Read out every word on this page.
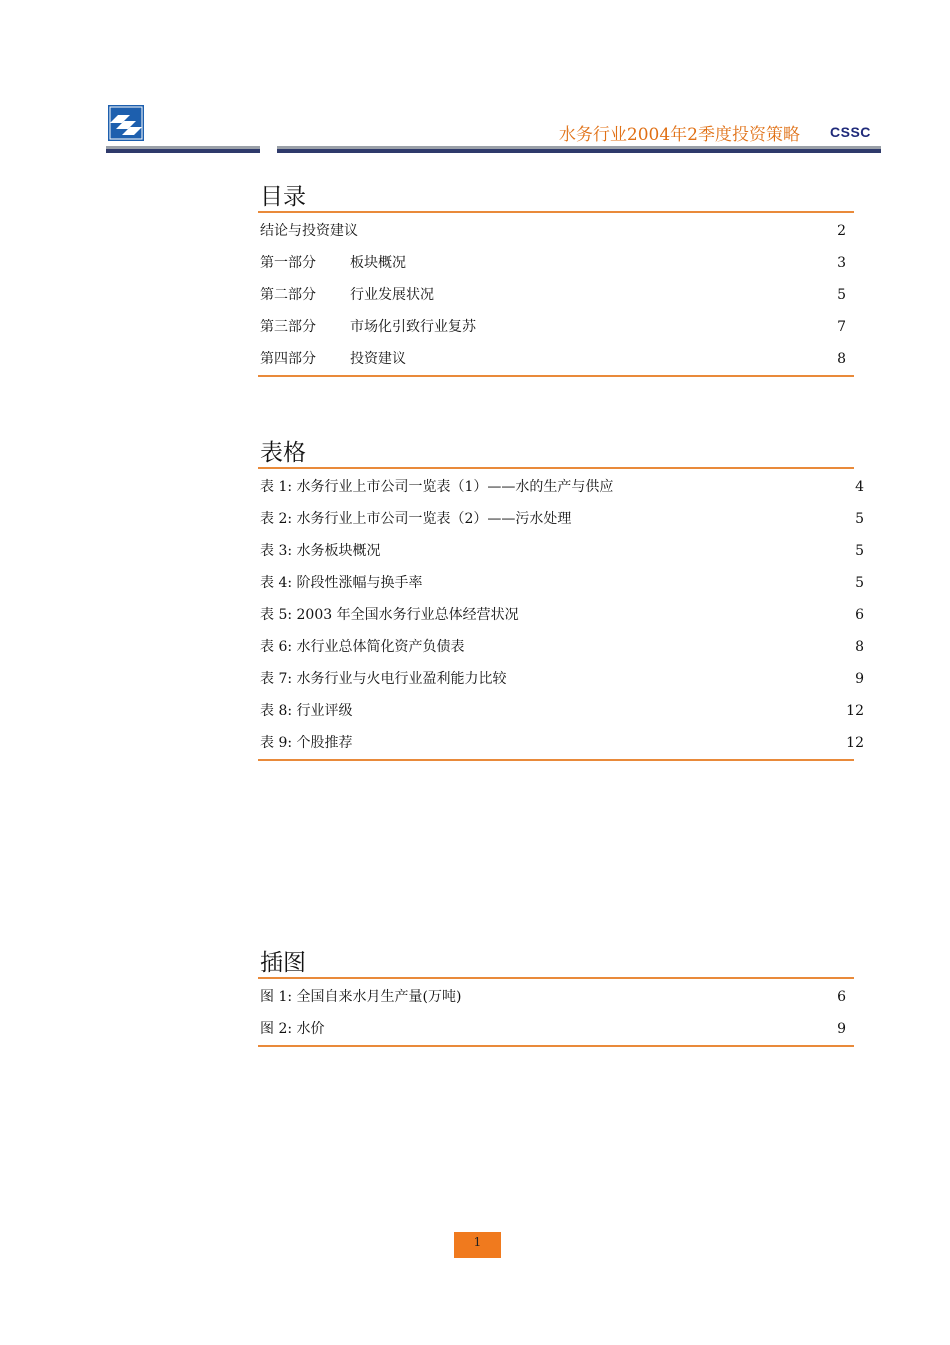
水务行业2004年2季度投资策略 CSSC
目录
结论与投资建议	2
第一部分 板块概况	3
第二部分 行业发展状况	5
第三部分 市场化引致行业复苏	7
第四部分 投资建议	8
表格
表 1: 水务行业上市公司一览表（1）——水的生产与供应	4
表 2: 水务行业上市公司一览表（2）——污水处理	5
表 3: 水务板块概况	5
表 4: 阶段性涨幅与换手率	5
表 5: 2003 年全国水务行业总体经营状况	6
表 6: 水行业总体简化资产负债表	8
表 7: 水务行业与火电行业盈利能力比较	9
表 8: 行业评级	12
表 9: 个股推荐	12
插图
图 1: 全国自来水月生产量(万吨)	6
图 2: 水价	9
1
